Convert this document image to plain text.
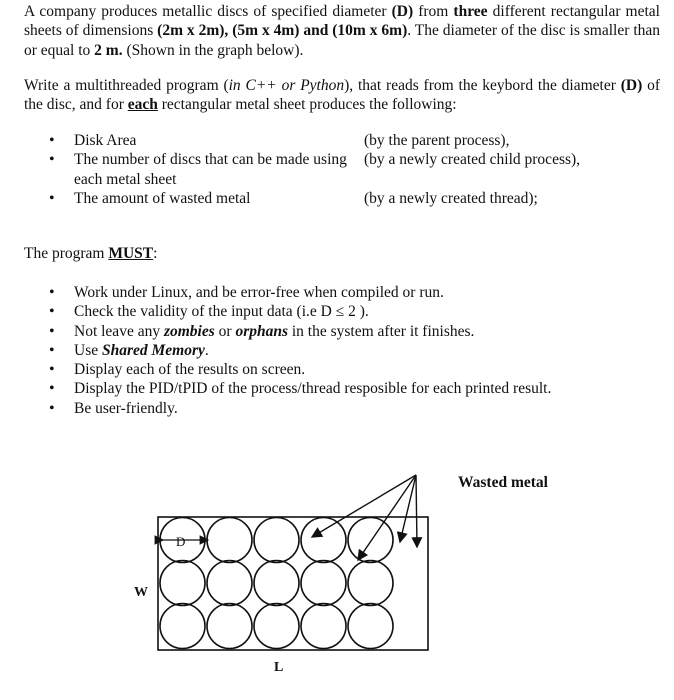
A company produces metallic discs of specified diameter (D) from three different rectangular metal sheets of dimensions (2m x 2m), (5m x 4m) and (10m x 6m). The diameter of the disc is smaller than or equal to 2 m. (Shown in the graph below).
Write a multithreaded program (in C++ or Python), that reads from the keybord the diameter (D) of the disc, and for each rectangular metal sheet produces the following:
• Disk Area	(by the parent process),
• The number of discs that can be made using each metal sheet(by a newly created child process),
• The amount of wasted metal	(by a newly created thread);
The program MUST:
• Work under Linux, and be error-free when compiled or run.
• Check the validity of the input data (i.e D ≤ 2 ).
• Not leave any zombies or orphans in the system after it finishes.
• Use Shared Memory.
• Display each of the results on screen.
• Display the PID/tPID of the process/thread resposible for each printed result.
• Be user-friendly.
Wasted metal
W
L
D
